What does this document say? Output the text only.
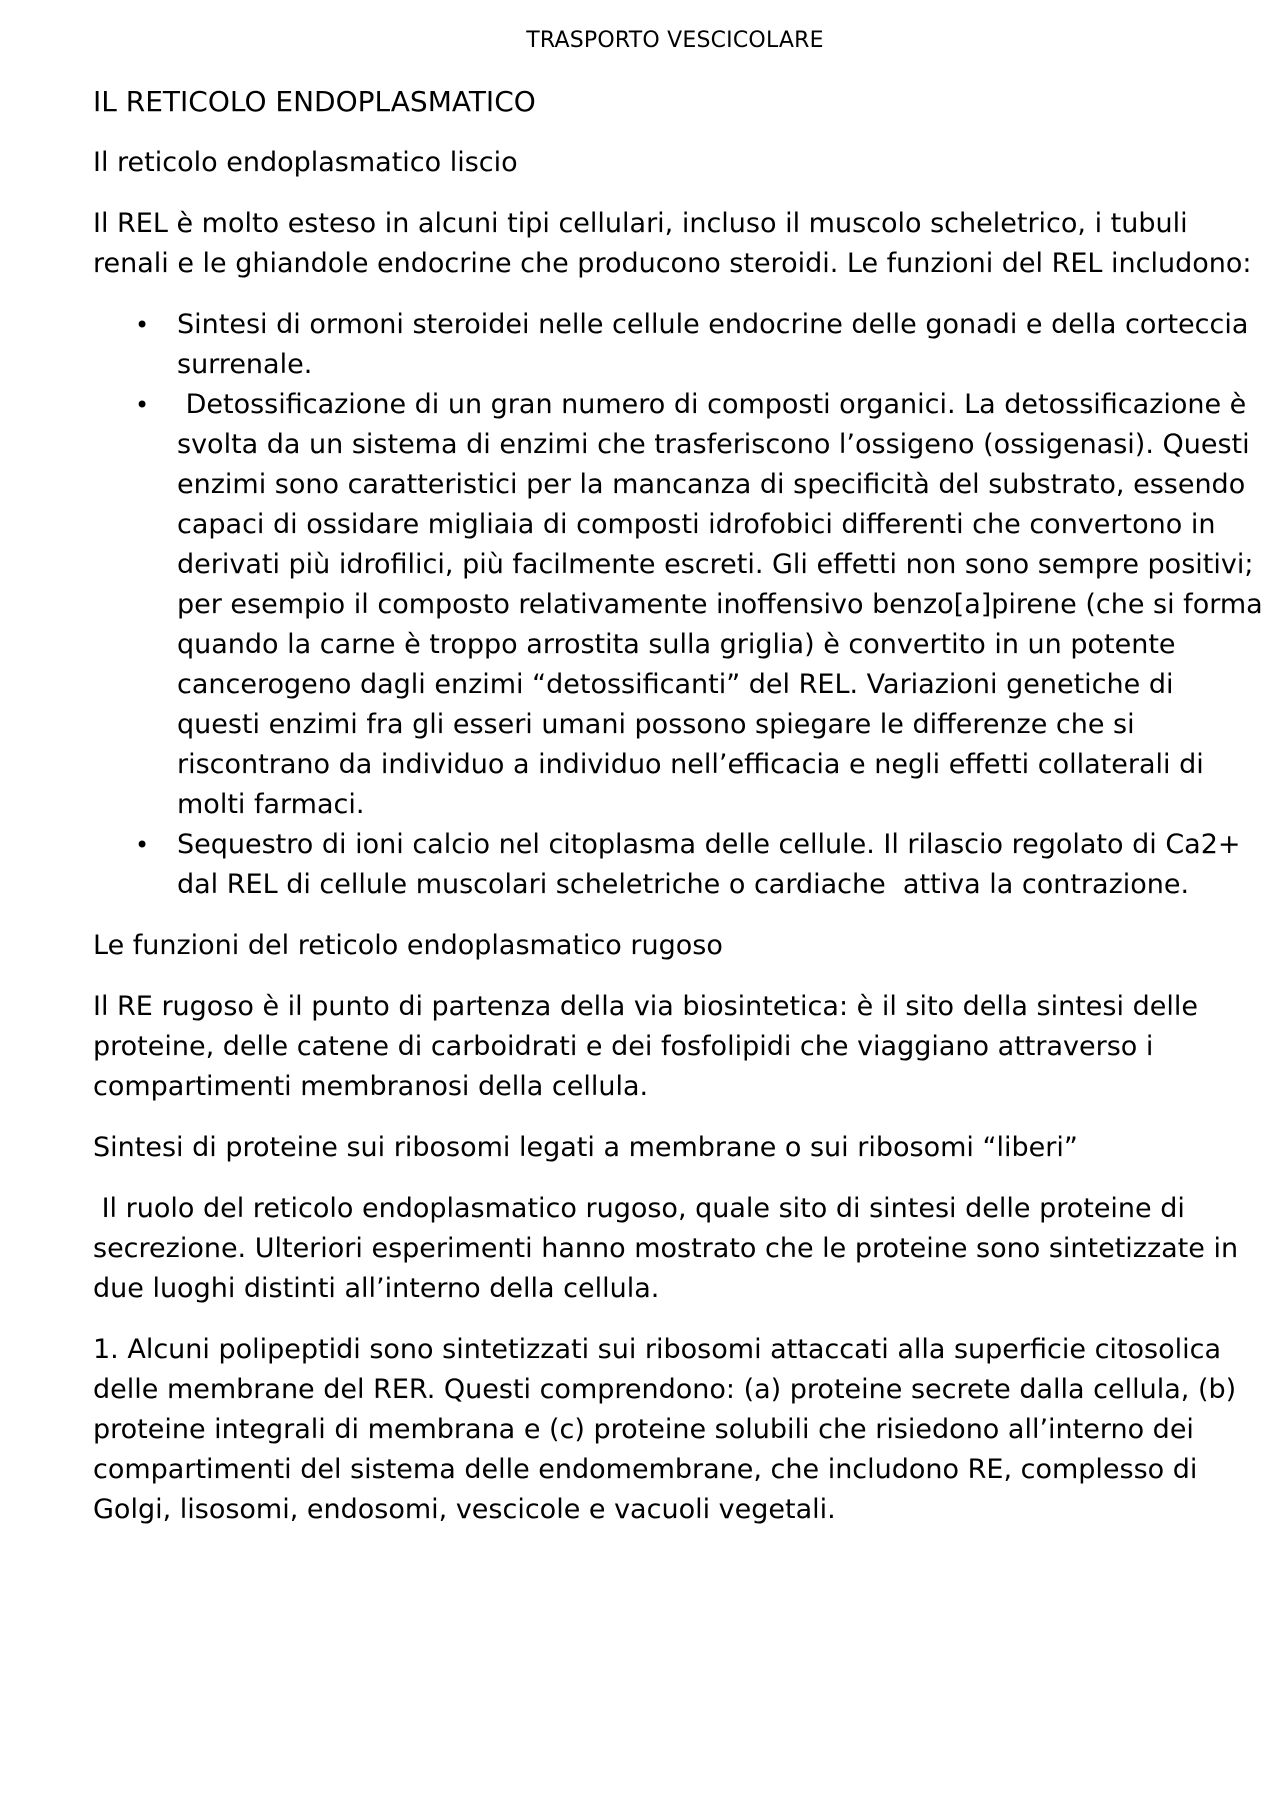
TRASPORTO VESCICOLARE

IL RETICOLO ENDOPLASMATICO

Il reticolo endoplasmatico liscio

Il REL è molto esteso in alcuni tipi cellulari, incluso il muscolo scheletrico, i tubuli renali e le ghiandole endocrine che producono steroidi. Le funzioni del REL includono:

• Sintesi di ormoni steroidei nelle cellule endocrine delle gonadi e della corteccia surrenale.
• Detossificazione di un gran numero di composti organici. La detossificazione è svolta da un sistema di enzimi che trasferiscono l’ossigeno (ossigenasi). Questi enzimi sono caratteristici per la mancanza di specificità del substrato, essendo capaci di ossidare migliaia di composti idrofobici differenti che convertono in derivati più idrofilici, più facilmente escreti. Gli effetti non sono sempre positivi; per esempio il composto relativamente inoffensivo benzo[a]pirene (che si forma quando la carne è troppo arrostita sulla griglia) è convertito in un potente cancerogeno dagli enzimi “detossificanti” del REL. Variazioni genetiche di questi enzimi fra gli esseri umani possono spiegare le differenze che si riscontrano da individuo a individuo nell’efficacia e negli effetti collaterali di molti farmaci.
• Sequestro di ioni calcio nel citoplasma delle cellule. Il rilascio regolato di Ca2+ dal REL di cellule muscolari scheletriche o cardiache  attiva la contrazione.

Le funzioni del reticolo endoplasmatico rugoso

Il RE rugoso è il punto di partenza della via biosintetica: è il sito della sintesi delle proteine, delle catene di carboidrati e dei fosfolipidi che viaggiano attraverso i compartimenti membranosi della cellula.

Sintesi di proteine sui ribosomi legati a membrane o sui ribosomi “liberi”

Il ruolo del reticolo endoplasmatico rugoso, quale sito di sintesi delle proteine di secrezione. Ulteriori esperimenti hanno mostrato che le proteine sono sintetizzate in due luoghi distinti all’interno della cellula.

1. Alcuni polipeptidi sono sintetizzati sui ribosomi attaccati alla superficie citosolica delle membrane del RER. Questi comprendono: (a) proteine secrete dalla cellula, (b) proteine integrali di membrana e (c) proteine solubili che risiedono all’interno dei compartimenti del sistema delle endomembrane, che includono RE, complesso di Golgi, lisosomi, endosomi, vescicole e vacuoli vegetali.
